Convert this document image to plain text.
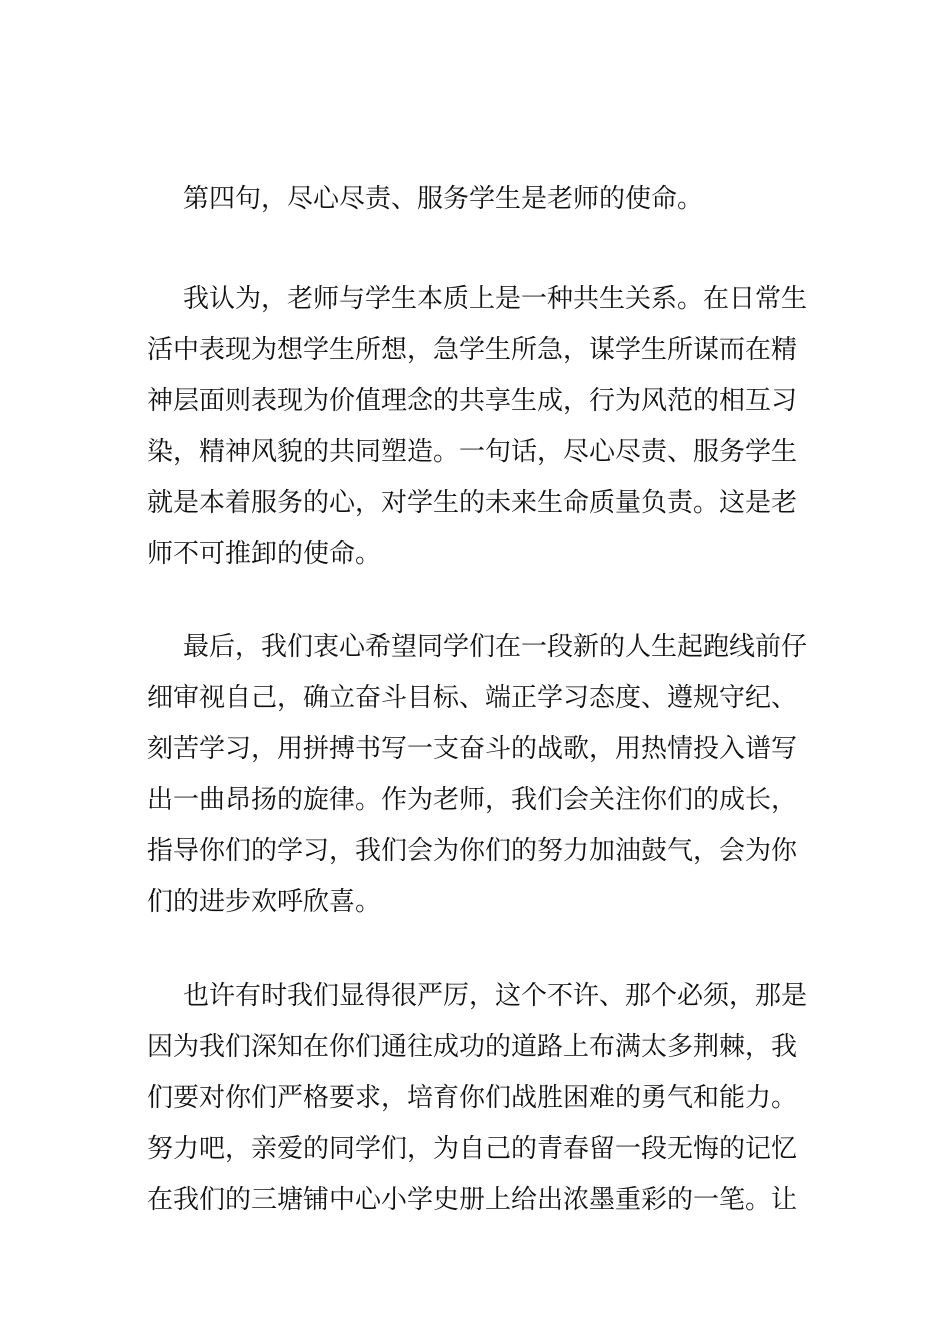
第四句，尽心尽责、服务学生是老师的使命。
我认为，老师与学生本质上是一种共生关系。在日常生
活中表现为想学生所想，急学生所急，谋学生所谋而在精
神层面则表现为价值理念的共享生成，行为风范的相互习
染，精神风貌的共同塑造。一句话，尽心尽责、服务学生
就是本着服务的心，对学生的未来生命质量负责。这是老
师不可推卸的使命。
最后，我们衷心希望同学们在一段新的人生起跑线前仔
细审视自己，确立奋斗目标、端正学习态度、遵规守纪、
刻苦学习，用拼搏书写一支奋斗的战歌，用热情投入谱写
出一曲昂扬的旋律。作为老师，我们会关注你们的成长，
指导你们的学习，我们会为你们的努力加油鼓气，会为你
们的进步欢呼欣喜。
也许有时我们显得很严厉，这个不许、那个必须，那是
因为我们深知在你们通往成功的道路上布满太多荆棘，我
们要对你们严格要求，培育你们战胜困难的勇气和能力。
努力吧，亲爱的同学们，为自己的青春留一段无悔的记忆
在我们的三塘铺中心小学史册上给出浓墨重彩的一笔。让
